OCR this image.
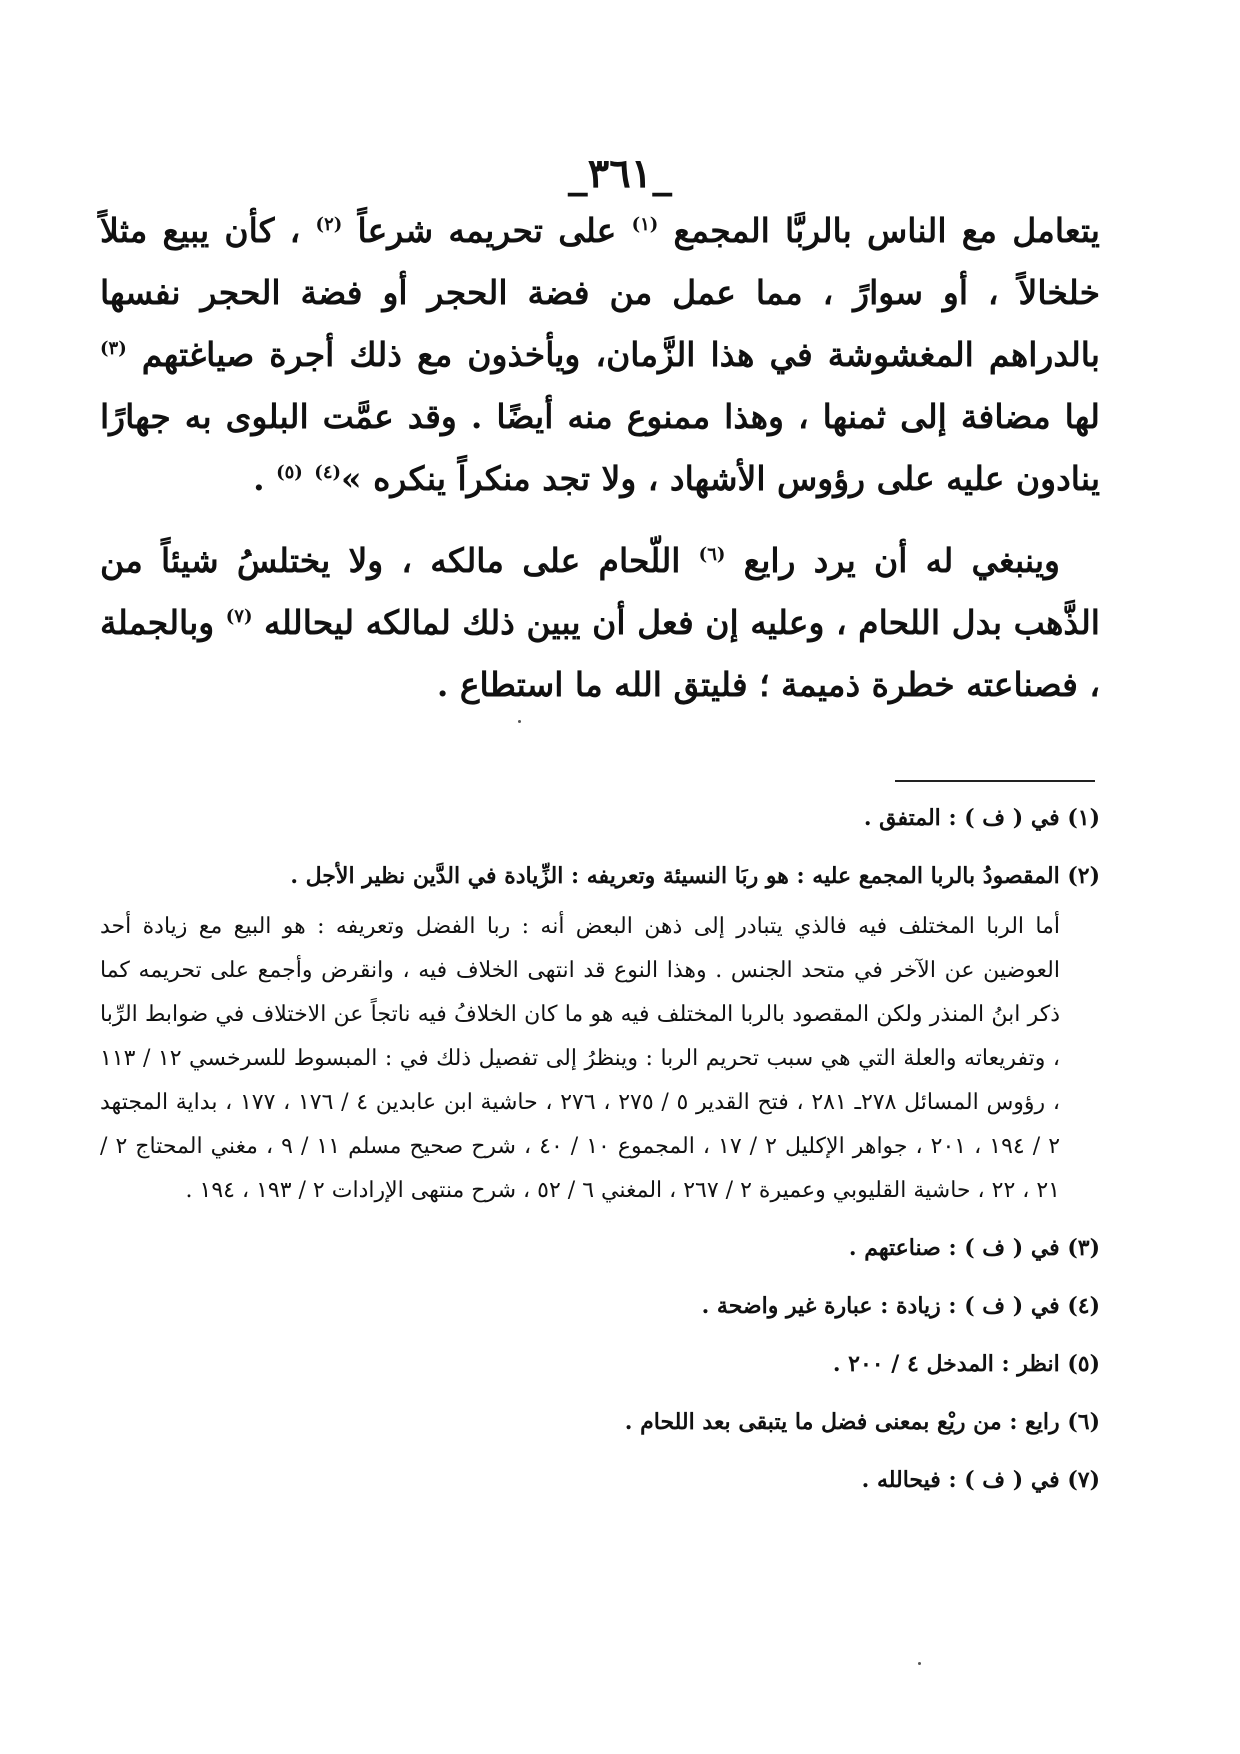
_٣٦١_

يتعامل مع الناس بالربَّا المجمع $^{(١)}$ على تحريمه شرعاً $^{(٢)}$ ، كأن يبيع مثلاً خلخالاً ، أو سوارً ، مما عمل من فضة الحجر أو فضة الحجر نفسها بالدراهم المغشوشة في هذا الزَّمان، ويأخذون مع ذلك أجرة صياغتهم $^{(٣)}$ لها مضافة إلى ثمنها ، وهذا ممنوع منه أيضًا . وقد عمَّت البلوى به جهارًا ينادون عليه على رؤوس الأشهاد ، ولا تجد منكراً ينكره »$^{(٤)}$ $^{(٥)}$ .

وينبغي له أن يرد رايع $^{(٦)}$ اللّحام على مالكه ، ولا يختلسُ شيئاً من الذَّهب بدل اللحام ، وعليه إن فعل أن يبين ذلك لمالكه ليحالله $^{(٧)}$ وبالجملة ، فصناعته خطرة ذميمة ؛ فليتق الله ما استطاع .

(١) في ( ف ) : المتفق .

(٢) المقصودُ بالربا المجمع عليه : هو ربَا النسيئة وتعريفه : الزِّيادة في الدَّين نظير الأجل .
أما الربا المختلف فيه فالذي يتبادر إلى ذهن البعض أنه : ربا الفضل وتعريفه : هو البيع مع زيادة أحد العوضين عن الآخر في متحد الجنس . وهذا النوع قد انتهى الخلاف فيه ، وانقرض وأجمع على تحريمه كما ذكر ابنُ المنذر ولكن المقصود بالربا المختلف فيه هو ما كان الخلافُ فيه ناتجاً عن الاختلاف في ضوابط الرِّبا ، وتفريعاته والعلة التي هي سبب تحريم الربا : وينظرُ إلى تفصيل ذلك في : المبسوط للسرخسي ١٢ / ١١٣ ، رؤوس المسائل ٢٧٨ـ ٢٨١ ، فتح القدير ٥ / ٢٧٥ ، ٢٧٦ ، حاشية ابن عابدين ٤ / ١٧٦ ، ١٧٧ ، بداية المجتهد ٢ / ١٩٤ ، ٢٠١ ، جواهر الإكليل ٢ / ١٧ ، المجموع ١٠ / ٤٠ ، شرح صحيح مسلم ١١ / ٩ ، مغني المحتاج ٢ / ٢١ ، ٢٢ ، حاشية القليوبي وعميرة ٢ / ٢٦٧ ، المغني ٦ / ٥٢ ، شرح منتهى الإرادات ٢ / ١٩٣ ، ١٩٤ .

(٣) في ( ف ) : صناعتهم .

(٤) في ( ف ) : زيادة : عبارة غير واضحة .

(٥) انظر : المدخل ٤ / ٢٠٠ .

(٦) رايع : من ريْع بمعنى فضل ما يتبقى بعد اللحام .

(٧) في ( ف ) : فيحالله .
